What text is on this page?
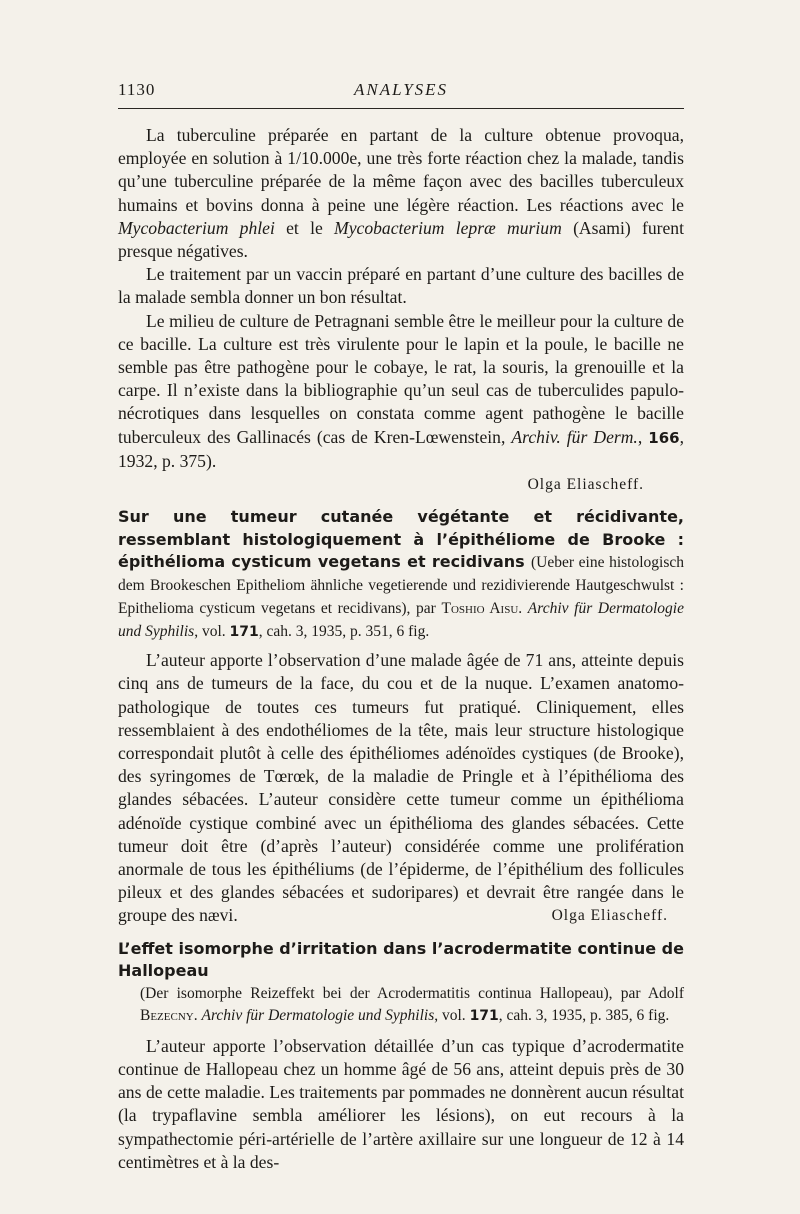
1130	ANALYSES

La tuberculine préparée en partant de la culture obtenue provoqua, employée en solution à 1/10.000e, une très forte réaction chez la malade, tandis qu’une tuberculine préparée de la même façon avec des bacilles tuberculeux humains et bovins donna à peine une légère réaction. Les réactions avec le Mycobacterium phlei et le Mycobacterium lepræ murium (Asami) furent presque négatives.

Le traitement par un vaccin préparé en partant d’une culture des bacilles de la malade sembla donner un bon résultat.

Le milieu de culture de Petragnani semble être le meilleur pour la culture de ce bacille. La culture est très virulente pour le lapin et la poule, le bacille ne semble pas être pathogène pour le cobaye, le rat, la souris, la grenouille et la carpe. Il n’existe dans la bibliographie qu’un seul cas de tuberculides papulo-nécrotiques dans lesquelles on constata comme agent pathogène le bacille tuberculeux des Gallinacés (cas de Kren-Lœwenstein, Archiv. für Derm., 166, 1932, p. 375).

Olga Eliascheff.
Sur une tumeur cutanée végétante et récidivante, ressemblant histologiquement à l’épithéliome de Brooke : épithélioma cysticum vegetans et recidivans (Ueber eine histologisch dem Brookeschen Epitheliom ähnliche vegetierende und rezidivierende Hautgeschwulst : Epithelioma cysticum vegetans et recidivans), par Toshio Aisu. Archiv für Dermatologie und Syphilis, vol. 171, cah. 3, 1935, p. 351, 6 fig.

L’auteur apporte l’observation d’une malade âgée de 71 ans, atteinte depuis cinq ans de tumeurs de la face, du cou et de la nuque. L’examen anatomo-pathologique de toutes ces tumeurs fut pratiqué. Cliniquement, elles ressemblaient à des endothéliomes de la tête, mais leur structure histologique correspondait plutôt à celle des épithéliomes adénoïdes cystiques (de Brooke), des syringomes de Tœrœk, de la maladie de Pringle et à l’épithélioma des glandes sébacées. L’auteur considère cette tumeur comme un épithélioma adénoïde cystique combiné avec un épithélioma des glandes sébacées. Cette tumeur doit être (d’après l’auteur) considérée comme une prolifération anormale de tous les épithéliums (de l’épiderme, de l’épithélium des follicules pileux et des glandes sébacées et sudoripares) et devrait être rangée dans le groupe des nævi.	Olga Eliascheff.

L’effet isomorphe d’irritation dans l’acrodermatite continue de Hallopeau
(Der isomorphe Reizeffekt bei der Acrodermatitis continua Hallopeau), par Adolf Bezecny. Archiv für Dermatologie und Syphilis, vol. 171, cah. 3, 1935, p. 385, 6 fig.

L’auteur apporte l’observation détaillée d’un cas typique d’acrodermatite continue de Hallopeau chez un homme âgé de 56 ans, atteint depuis près de 30 ans de cette maladie. Les traitements par pommades ne donnèrent aucun résultat (la trypaflavine sembla améliorer les lésions), on eut recours à la sympathectomie péri-artérielle de l’artère axillaire sur une longueur de 12 à 14 centimètres et à la des-
